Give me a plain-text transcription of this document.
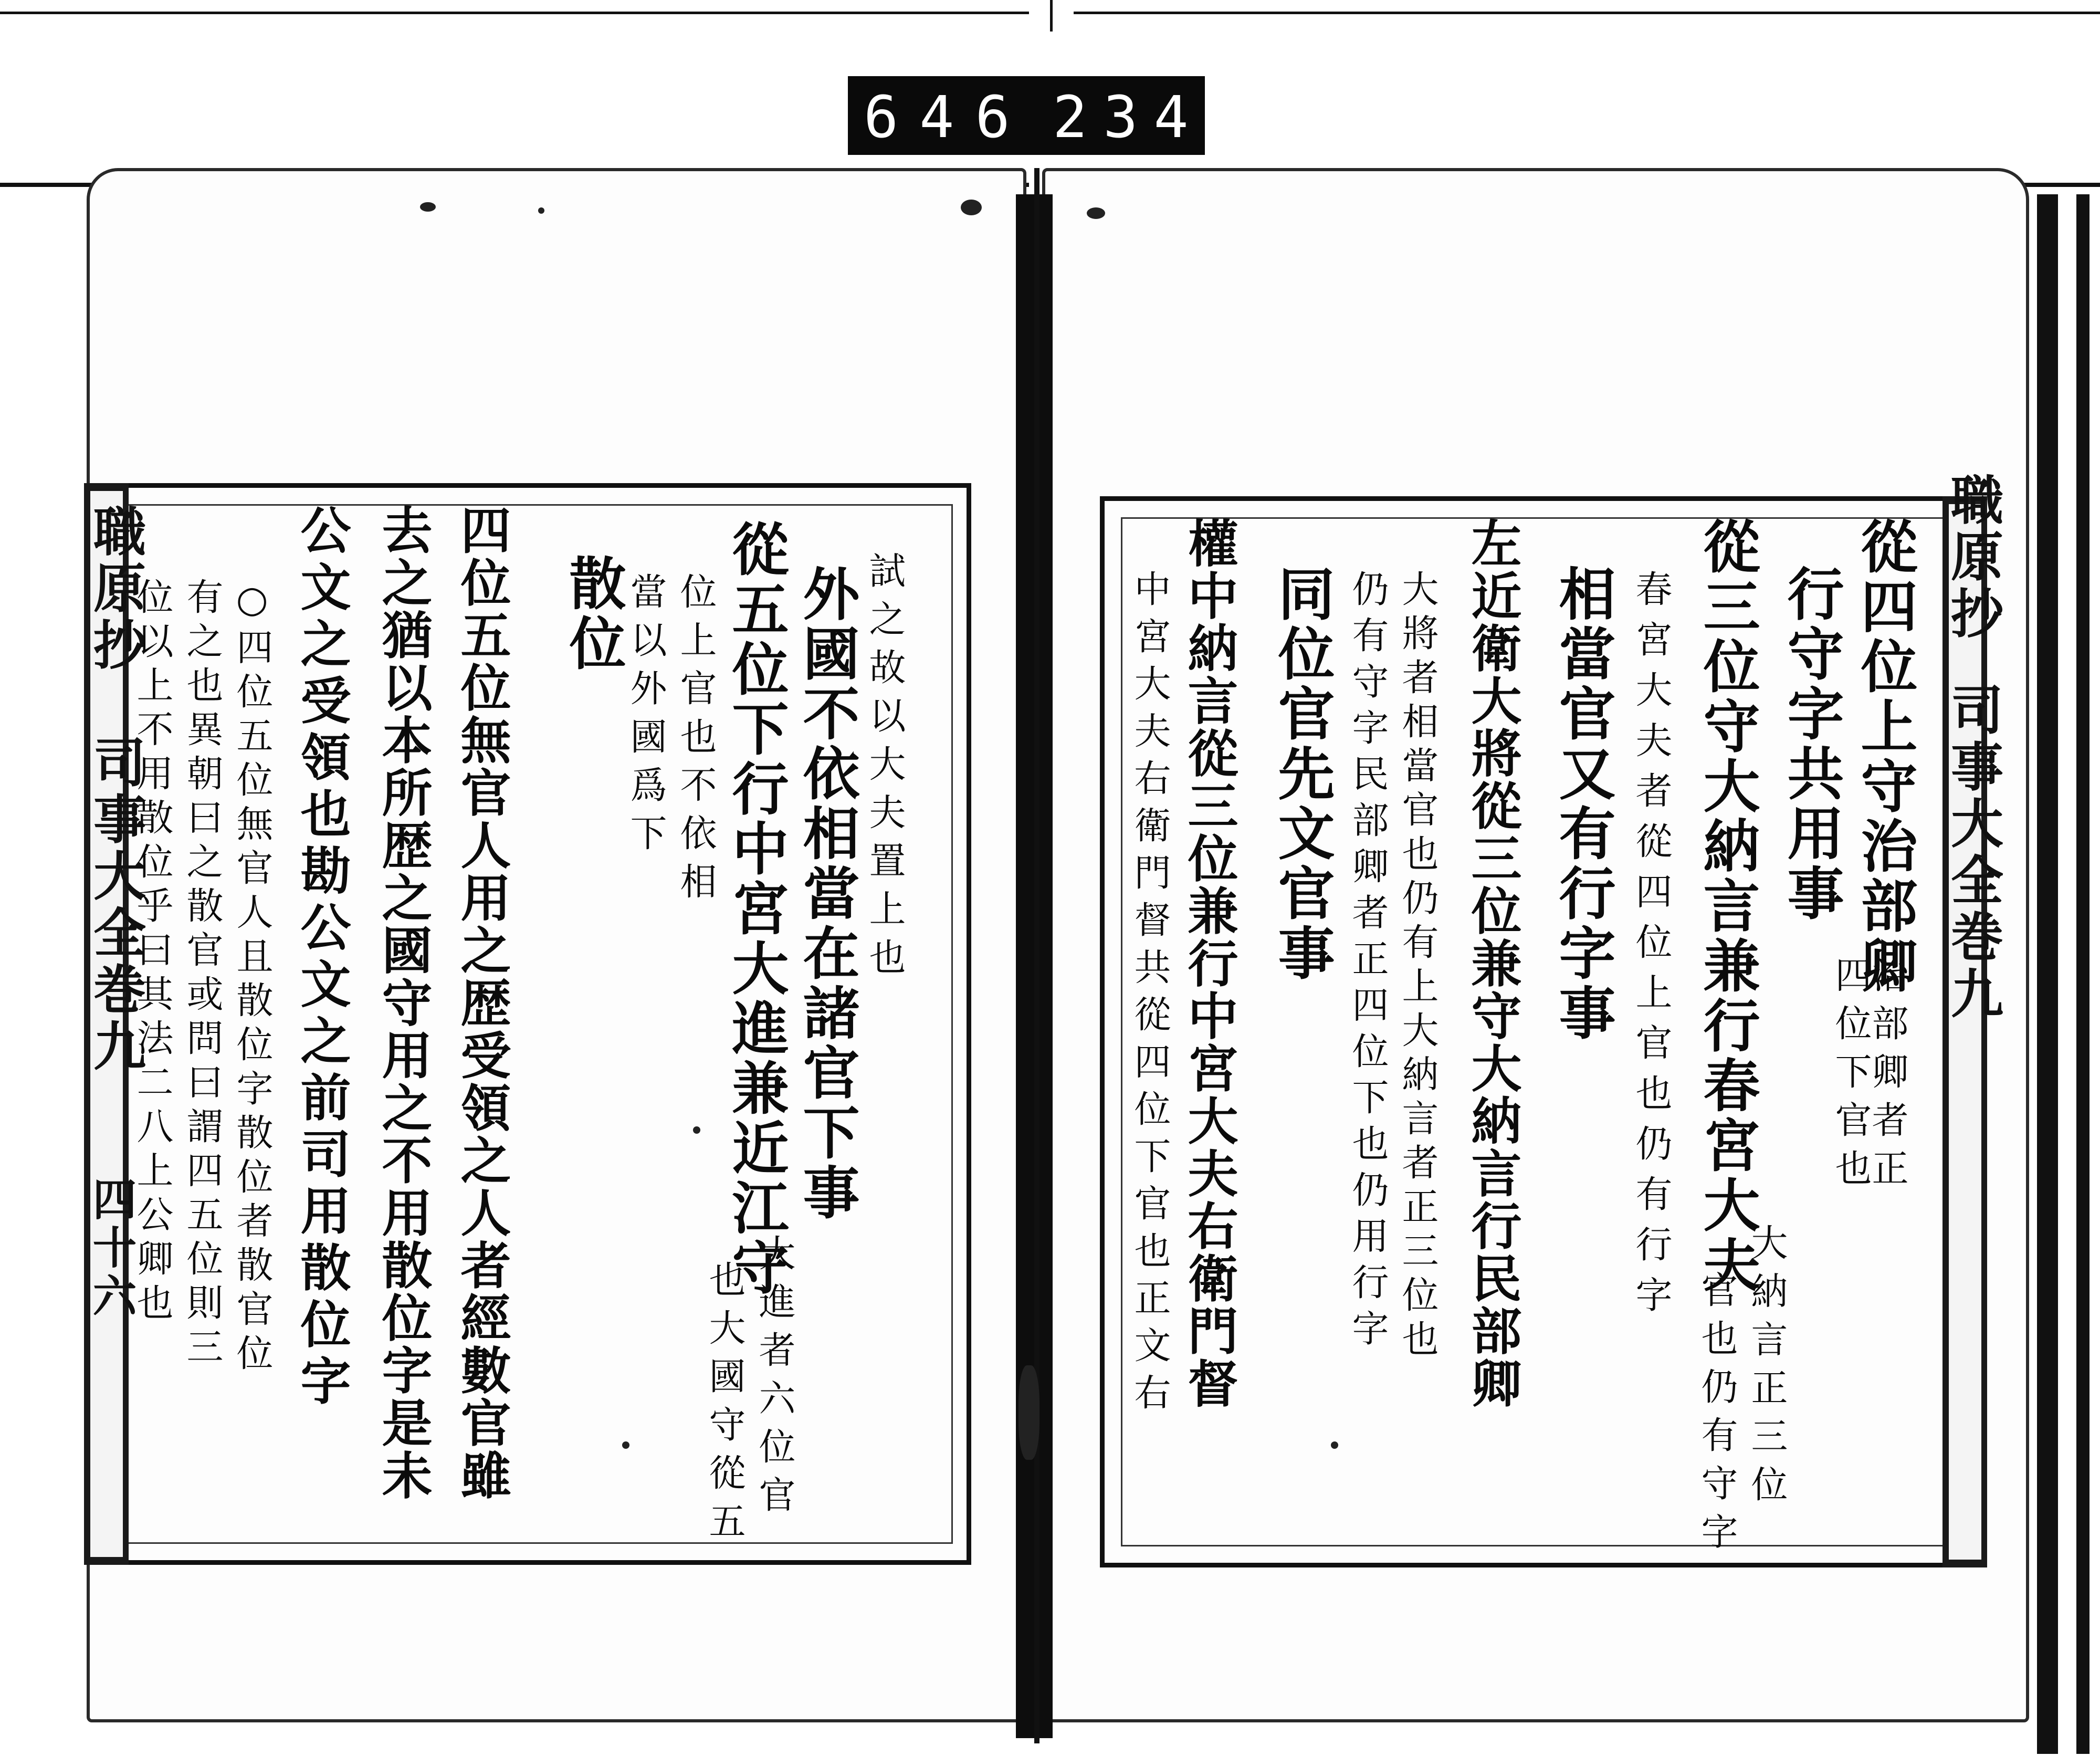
646 234.
職原抄
司事大全巻九
四十六
試之故以大夫置上也
外國不依相當在諸官下事
從五位下行中宮大進兼近江守
位上官也不依相
大進者六位官
也大國守從五
當以外國爲下
散位
四位五位無官人用之歴受領之人者經數官雖
去之猶以本所歴之國守用之不用散位字是未
公文之受領也勘公文之前司用散位字
○四位五位無官人且散位字散位者散官位
有之也異朝曰之散官或問曰謂四五位則三
位以上不用散位乎曰其法二八上公卿也
職原抄
司事大全巻九
從四位上守治部卿
治部卿者正
四位下官也
行守字共用事
從三位守大納言兼行春宮大夫
大納言正三位
官也仍有守字
春宮大夫者從四位上官也仍有行字
相當官又有行字事
左近衛大將從三位兼守大納言行民部卿
大將者相當官也仍有上大納言者正三位也
仍有守字民部卿者正四位下也仍用行字
同位官先文官事
權中納言從三位兼行中宮大夫右衛門督
中宮大夫右衛門督共從四位下官也正文右
